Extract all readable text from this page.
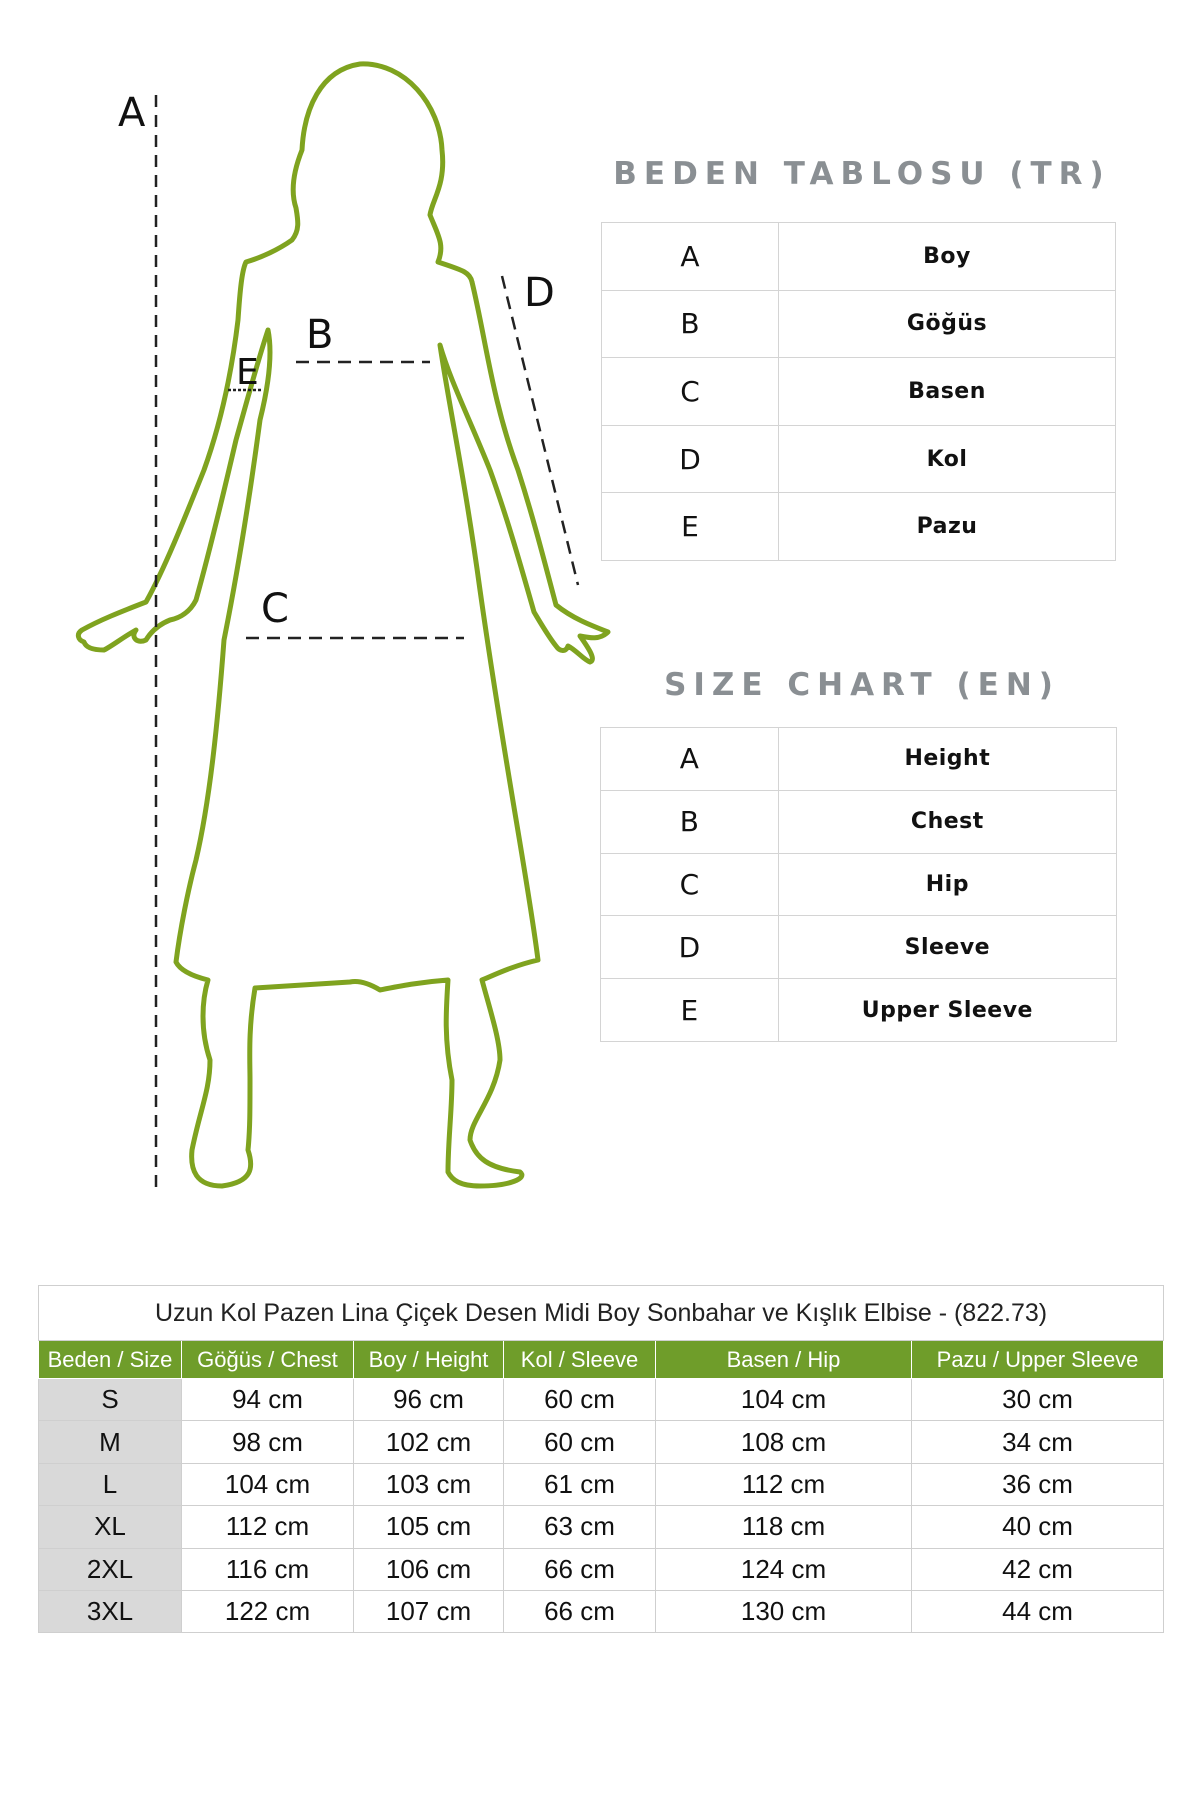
A
B
C
D
E
BEDEN TABLOSU (TR)
A	Boy
B	Göğüs
C	Basen
D	Kol
E	Pazu
SIZE CHART (EN)
A	Height
B	Chest
C	Hip
D	Sleeve
E	Upper Sleeve
Uzun Kol Pazen Lina Çiçek Desen Midi Boy Sonbahar ve Kışlık Elbise - (822.73)					
Beden / Size	Göğüs / Chest	Boy / Height	Kol / Sleeve	Basen / Hip	Pazu / Upper Sleeve
S	94 cm	96 cm	60 cm	104 cm	30 cm
M	98 cm	102 cm	60 cm	108 cm	34 cm
L	104 cm	103 cm	61 cm	112 cm	36 cm
XL	112 cm	105 cm	63 cm	118 cm	40 cm
2XL	116 cm	106 cm	66 cm	124 cm	42 cm
3XL	122 cm	107 cm	66 cm	130 cm	44 cm
